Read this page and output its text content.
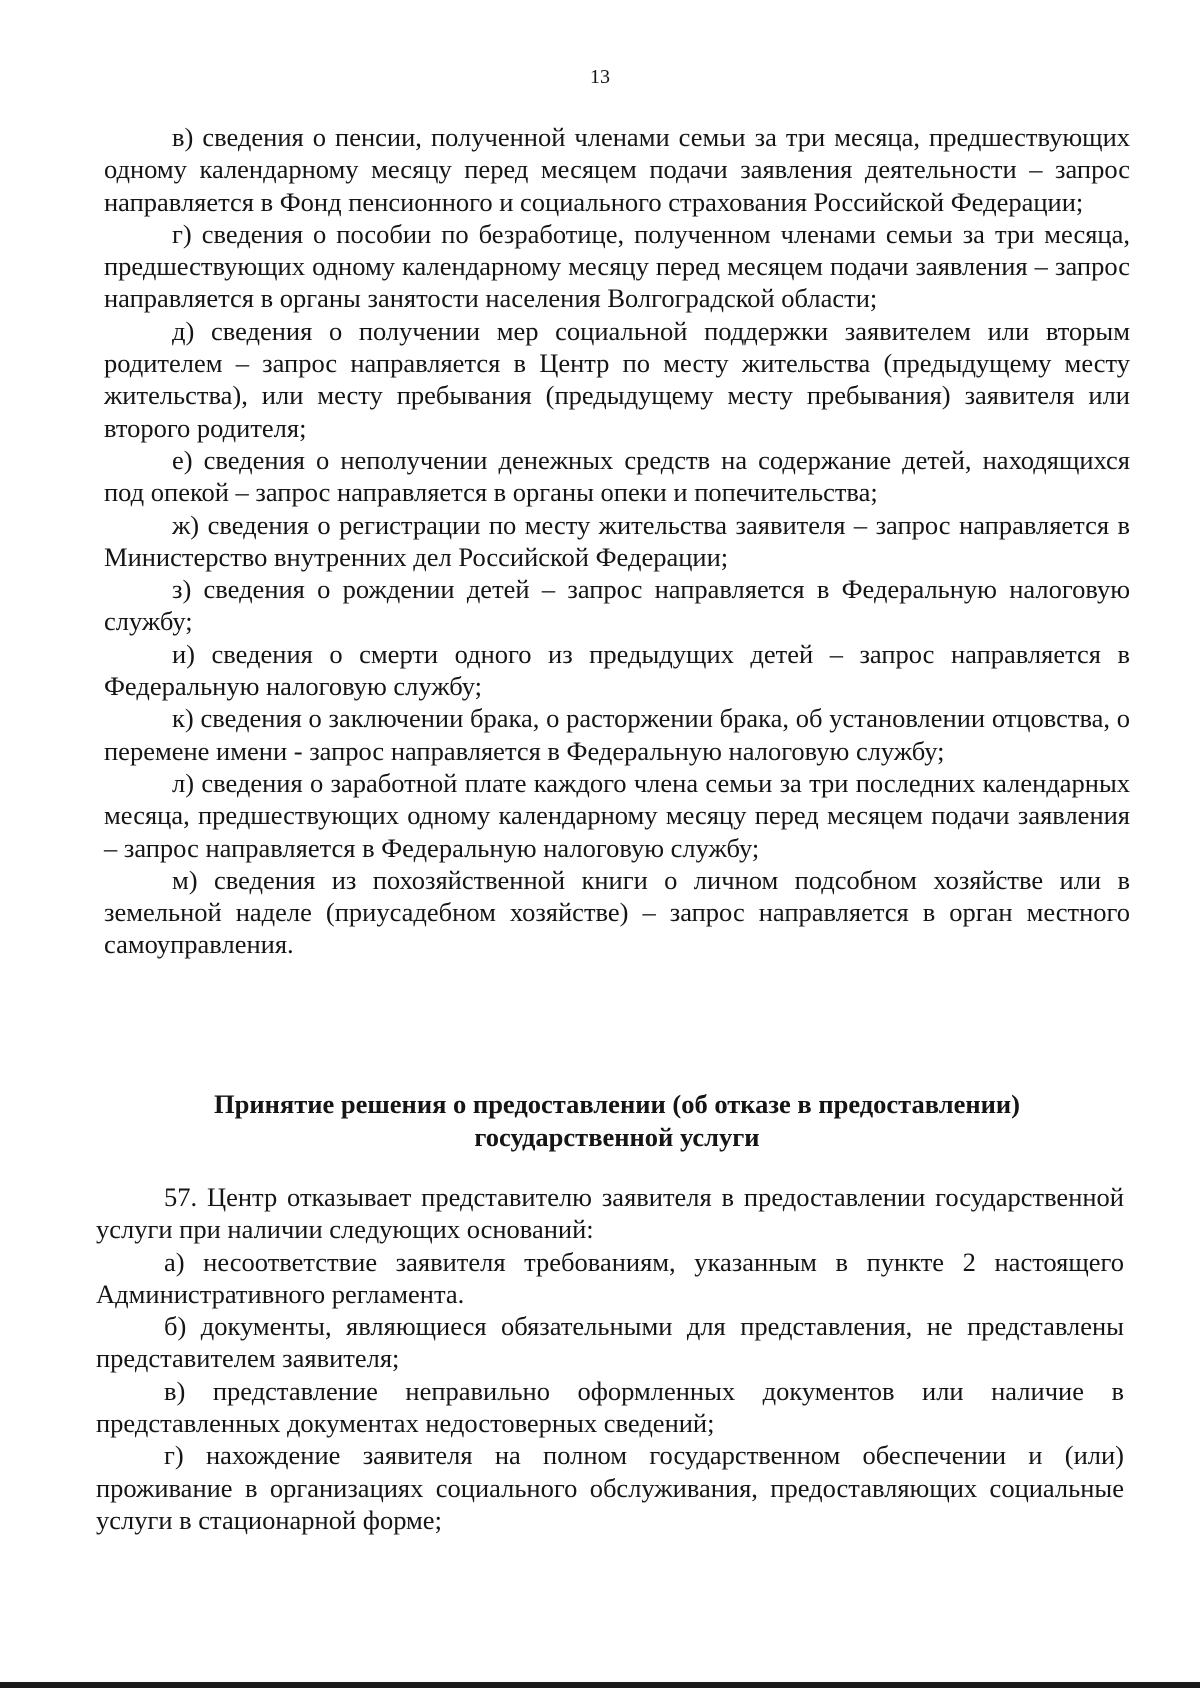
13

в) сведения о пенсии, полученной членами семьи за три месяца, предшествующих одному календарному месяцу перед месяцем подачи заявления деятельности – запрос направляется в Фонд пенсионного и социального страхования Российской Федерации;

г) сведения о пособии по безработице, полученном членами семьи за три месяца, предшествующих одному календарному месяцу перед месяцем подачи заявления – запрос направляется в органы занятости населения Волгоградской области;

д) сведения о получении мер социальной поддержки заявителем или вторым родителем – запрос направляется в Центр по месту жительства (предыдущему месту жительства), или месту пребывания (предыдущему месту пребывания) заявителя или второго родителя;

е) сведения о неполучении денежных средств на содержание детей, находящихся под опекой – запрос направляется в органы опеки и попечительства;

ж) сведения о регистрации по месту жительства заявителя – запрос направляется в Министерство внутренних дел Российской Федерации;

з) сведения о рождении детей – запрос направляется в Федеральную налоговую службу;

и) сведения о смерти одного из предыдущих детей – запрос направляется в Федеральную налоговую службу;

к) сведения о заключении брака, о расторжении брака, об установлении отцовства, о перемене имени - запрос направляется в Федеральную налоговую службу;

л) сведения о заработной плате каждого члена семьи за три последних календарных месяца, предшествующих одному календарному месяцу перед месяцем подачи заявления – запрос направляется в Федеральную налоговую службу;

м) сведения из похозяйственной книги о личном подсобном хозяйстве или в земельной наделе (приусадебном хозяйстве) – запрос направляется в орган местного самоуправления.

Принятие решения о предоставлении (об отказе в предоставлении)
государственной услуги

57. Центр отказывает представителю заявителя в предоставлении государственной услуги при наличии следующих оснований:

а) несоответствие заявителя требованиям, указанным в пункте 2 настоящего Административного регламента.

б) документы, являющиеся обязательными для представления, не представлены представителем заявителя;

в) представление неправильно оформленных документов или наличие в представленных документах недостоверных сведений;

г) нахождение заявителя на полном государственном обеспечении и (или) проживание в организациях социального обслуживания, предоставляющих социальные услуги в стационарной форме;
